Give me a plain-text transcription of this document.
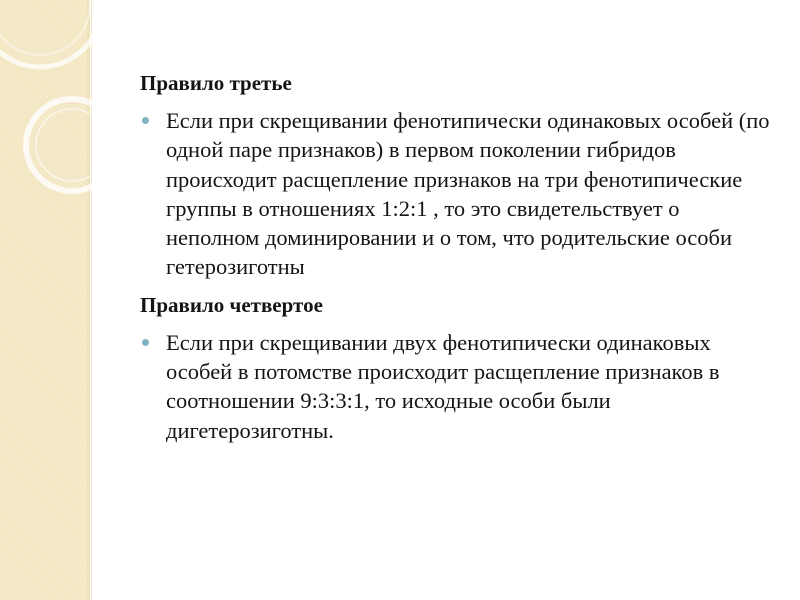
Правило третье

Если при скрещивании фенотипически одинаковых особей (по одной паре признаков) в первом поколении гибридов происходит расщепление признаков на три фенотипические группы в отношениях 1:2:1 , то это свидетельствует о неполном доминировании и о том, что родительские особи гетерозиготны

Правило четвертое

Если при скрещивании двух фенотипически одинаковых особей в потомстве происходит расщепление признаков в соотношении 9:3:3:1, то исходные особи были дигетерозиготны.
